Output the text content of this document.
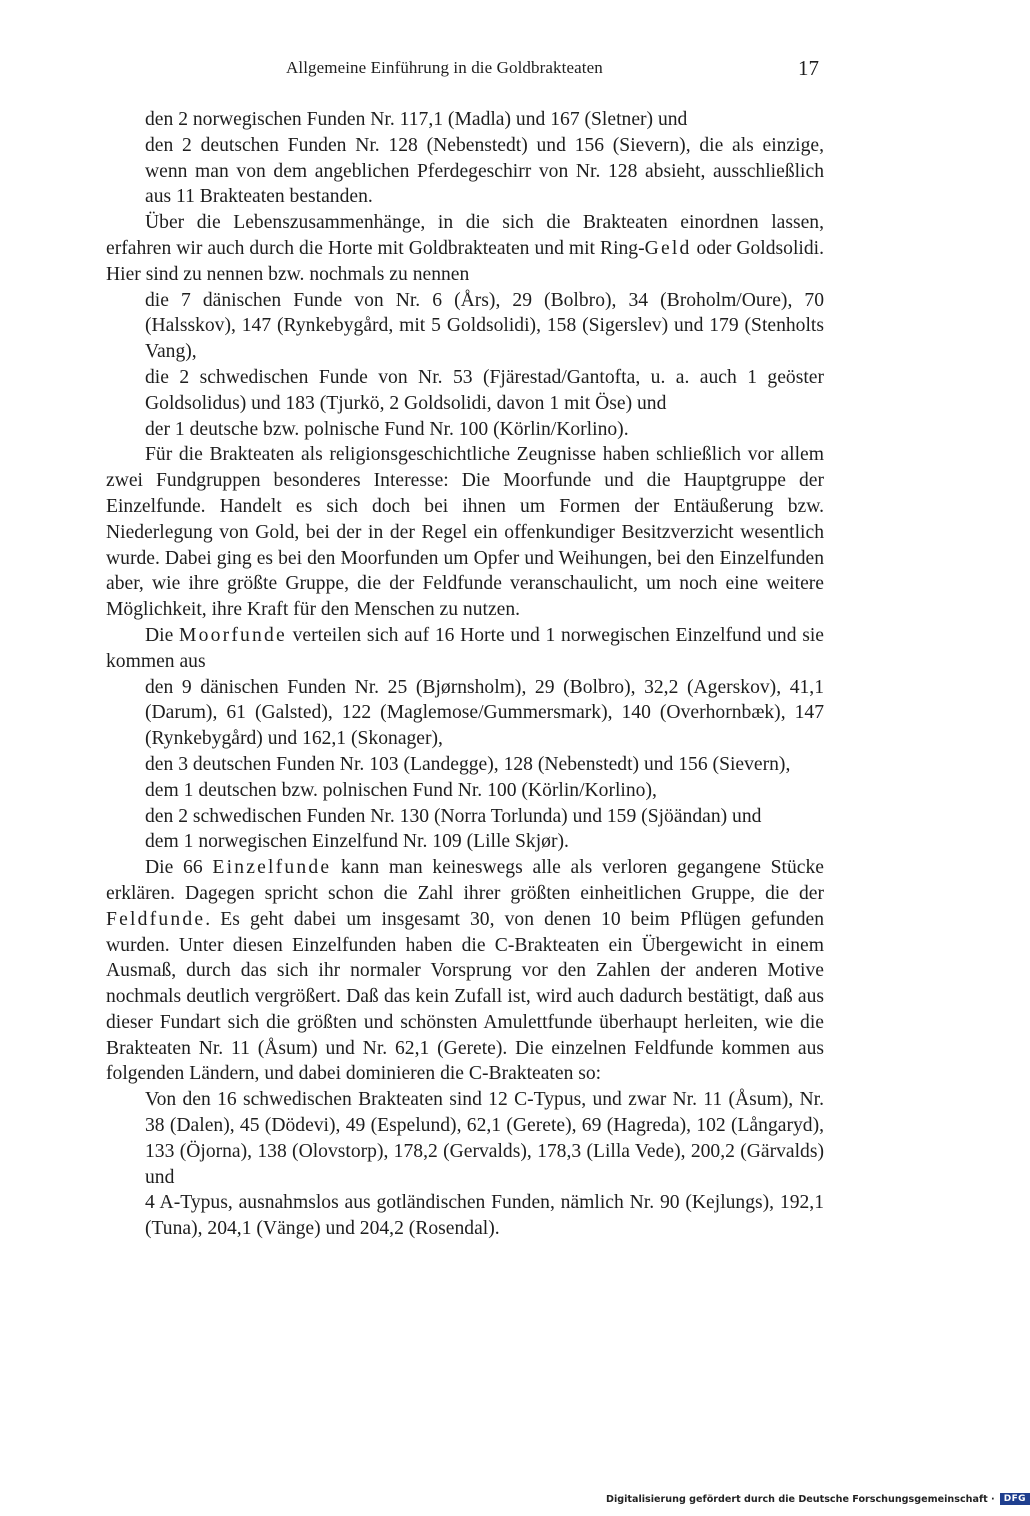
Allgemeine Einführung in die Goldbrakteaten	17

den 2 norwegischen Funden Nr. 117,1 (Madla) und 167 (Sletner) und

den 2 deutschen Funden Nr. 128 (Nebenstedt) und 156 (Sievern), die als einzige, wenn man von dem angeblichen Pferdegeschirr von Nr. 128 absieht, ausschließlich aus 11 Brakteaten bestanden.

Über die Lebenszusammenhänge, in die sich die Brakteaten einordnen lassen, erfahren wir auch durch die Horte mit Goldbrakteaten und mit Ring-Geld oder Goldsolidi. Hier sind zu nennen bzw. nochmals zu nennen

die 7 dänischen Funde von Nr. 6 (Års), 29 (Bolbro), 34 (Broholm/Oure), 70 (Halsskov), 147 (Rynkebygård, mit 5 Goldsolidi), 158 (Sigerslev) und 179 (Stenholts Vang),

die 2 schwedischen Funde von Nr. 53 (Fjärestad/Gantofta, u. a. auch 1 geöster Goldsolidus) und 183 (Tjurkö, 2 Goldsolidi, davon 1 mit Öse) und

der 1 deutsche bzw. polnische Fund Nr. 100 (Körlin/Korlino).

Für die Brakteaten als religionsgeschichtliche Zeugnisse haben schließlich vor allem zwei Fundgruppen besonderes Interesse: Die Moorfunde und die Hauptgruppe der Einzelfunde. Handelt es sich doch bei ihnen um Formen der Entäußerung bzw. Niederlegung von Gold, bei der in der Regel ein offenkundiger Besitzverzicht wesentlich wurde. Dabei ging es bei den Moorfunden um Opfer und Weihungen, bei den Einzelfunden aber, wie ihre größte Gruppe, die der Feldfunde veranschaulicht, um noch eine weitere Möglichkeit, ihre Kraft für den Menschen zu nutzen.

Die Moorfunde verteilen sich auf 16 Horte und 1 norwegischen Einzelfund und sie kommen aus

den 9 dänischen Funden Nr. 25 (Bjørnsholm), 29 (Bolbro), 32,2 (Agerskov), 41,1 (Darum), 61 (Galsted), 122 (Maglemose/Gummersmark), 140 (Overhornbæk), 147 (Rynkebygård) und 162,1 (Skonager),

den 3 deutschen Funden Nr. 103 (Landegge), 128 (Nebenstedt) und 156 (Sievern),

dem 1 deutschen bzw. polnischen Fund Nr. 100 (Körlin/Korlino),

den 2 schwedischen Funden Nr. 130 (Norra Torlunda) und 159 (Sjöändan) und

dem 1 norwegischen Einzelfund Nr. 109 (Lille Skjør).

Die 66 Einzelfunde kann man keineswegs alle als verloren gegangene Stücke erklären. Dagegen spricht schon die Zahl ihrer größten einheitlichen Gruppe, die der Feldfunde. Es geht dabei um insgesamt 30, von denen 10 beim Pflügen gefunden wurden. Unter diesen Einzelfunden haben die C-Brakteaten ein Übergewicht in einem Ausmaß, durch das sich ihr normaler Vorsprung vor den Zahlen der anderen Motive nochmals deutlich vergrößert. Daß das kein Zufall ist, wird auch dadurch bestätigt, daß aus dieser Fundart sich die größten und schönsten Amulettfunde überhaupt herleiten, wie die Brakteaten Nr. 11 (Åsum) und Nr. 62,1 (Gerete). Die einzelnen Feldfunde kommen aus folgenden Ländern, und dabei dominieren die C-Brakteaten so:

Von den 16 schwedischen Brakteaten sind 12 C-Typus, und zwar Nr. 11 (Åsum), Nr. 38 (Dalen), 45 (Dödevi), 49 (Espelund), 62,1 (Gerete), 69 (Hagreda), 102 (Långaryd), 133 (Öjorna), 138 (Olovstorp), 178,2 (Gervalds), 178,3 (Lilla Vede), 200,2 (Gärvalds) und

4 A-Typus, ausnahmslos aus gotländischen Funden, nämlich Nr. 90 (Kejlungs), 192,1 (Tuna), 204,1 (Vänge) und 204,2 (Rosendal).

Digitalisierung gefördert durch die Deutsche Forschungsgemeinschaft ·	DFG
